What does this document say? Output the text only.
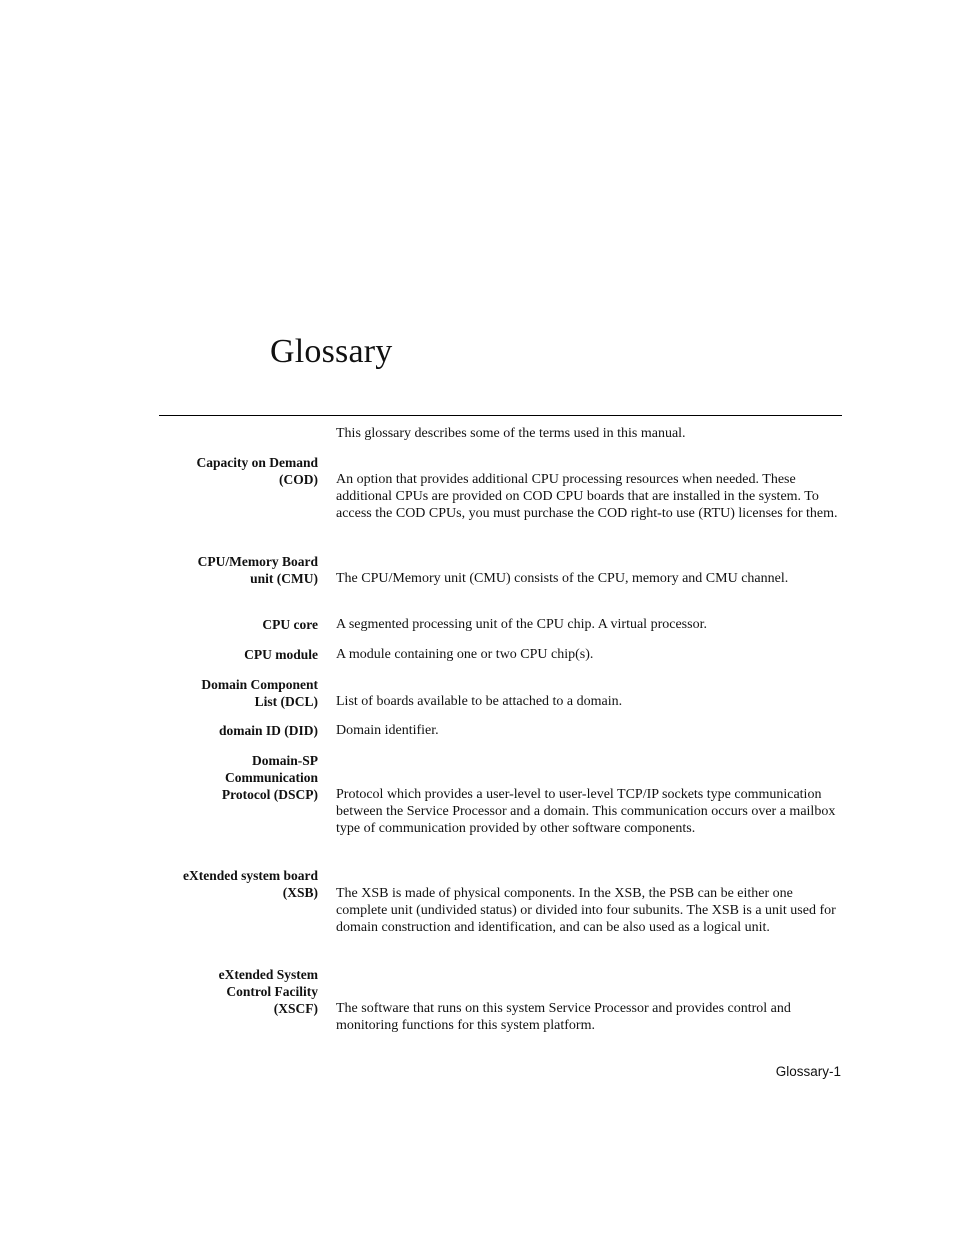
Glossary
This glossary describes some of the terms used in this manual.
Capacity on Demand
(COD) An option that provides additional CPU processing resources when needed. These additional CPUs are provided on COD CPU boards that are installed in the system. To access the COD CPUs, you must purchase the COD right-to use (RTU) licenses for them.
CPU/Memory Board
unit (CMU) The CPU/Memory unit (CMU) consists of the CPU, memory and CMU channel.
CPU core A segmented processing unit of the CPU chip. A virtual processor.
CPU module A module containing one or two CPU chip(s).
Domain Component
List (DCL) List of boards available to be attached to a domain.
domain ID (DID) Domain identifier.
Domain-SP
Communication
Protocol (DSCP) Protocol which provides a user-level to user-level TCP/IP sockets type communication between the Service Processor and a domain. This communication occurs over a mailbox type of communication provided by other software components.
eXtended system board
(XSB) The XSB is made of physical components. In the XSB, the PSB can be either one complete unit (undivided status) or divided into four subunits. The XSB is a unit used for domain construction and identification, and can be also used as a logical unit.
eXtended System
Control Facility
(XSCF) The software that runs on this system Service Processor and provides control and monitoring functions for this system platform.
Glossary-1
